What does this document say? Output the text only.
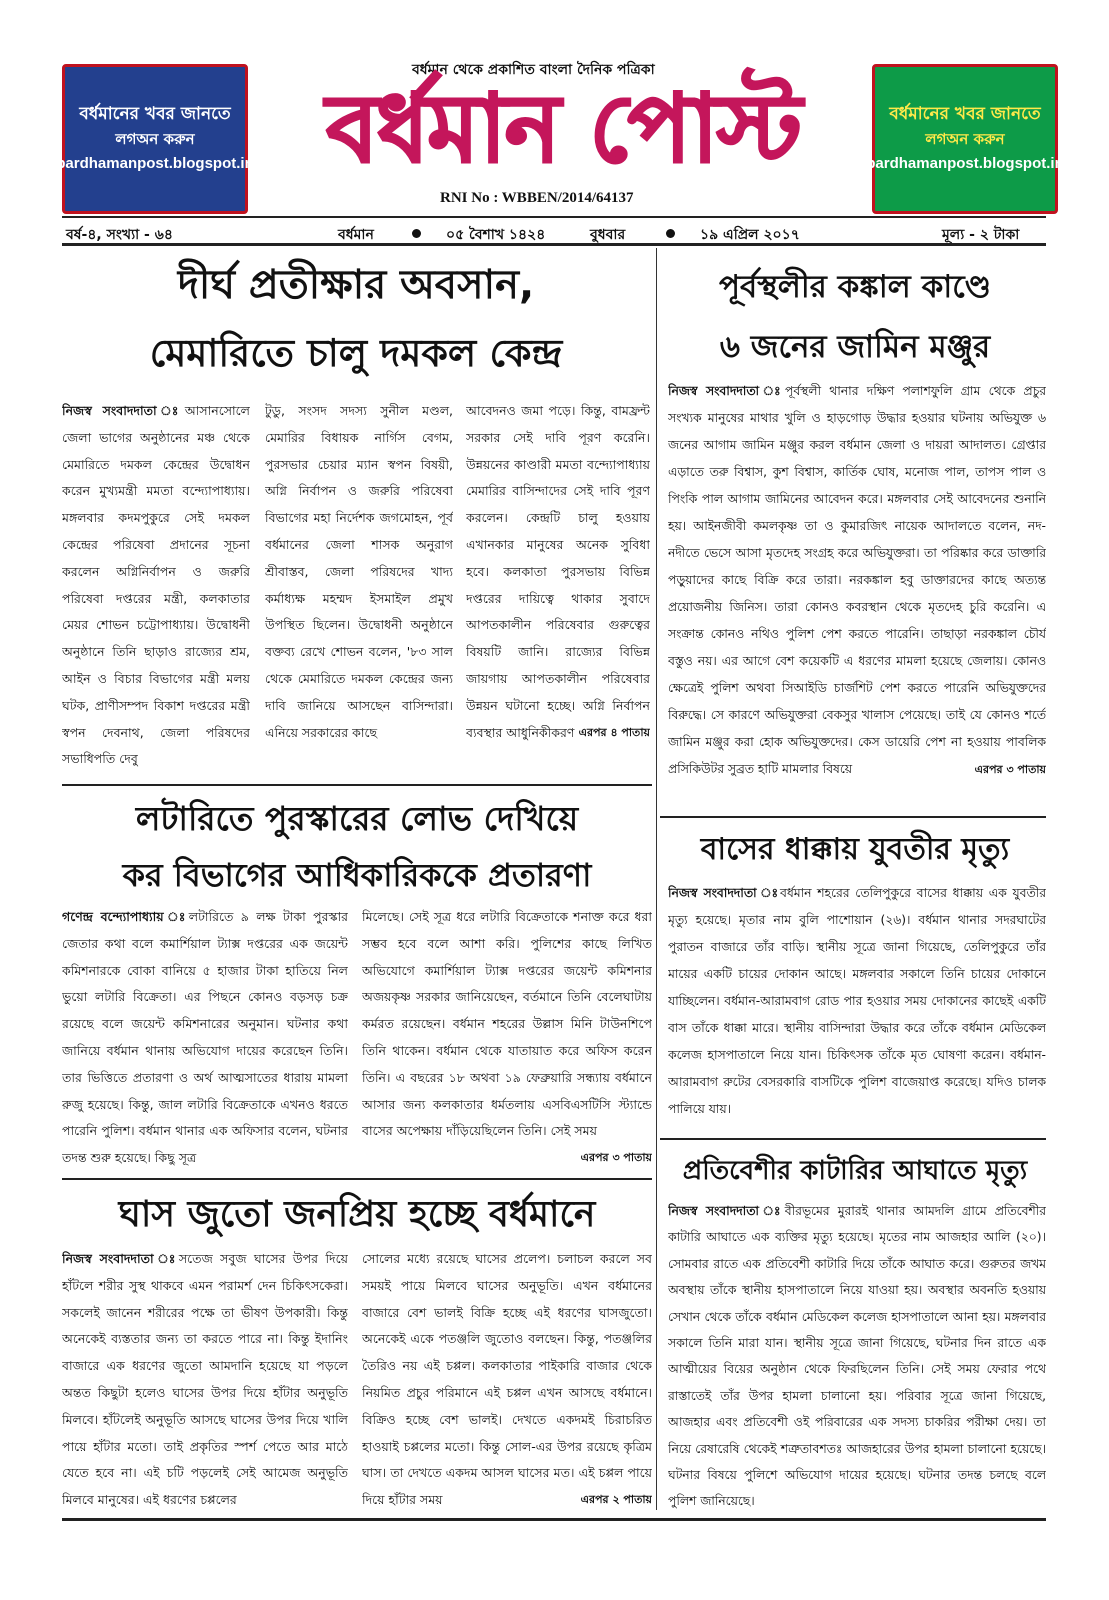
বর্ধমানের খবর জানতে
লগঅন করুন
bardhamanpost.blogspot.in
বর্ধমান থেকে প্রকাশিত বাংলা দৈনিক পত্রিকা
বর্ধমান পোস্ট
RNI No : WBBEN/2014/64137
বর্ধমানের খবর জানতে
লগঅন করুন
bardhamanpost.blogspot.in
বর্ষ-৪, সংখ্যা - ৬৪	বর্ধমান	০৫ বৈশাখ ১৪২৪	বুধবার	১৯ এপ্রিল ২০১৭	মূল্য - ২ টাকা
দীর্ঘ প্রতীক্ষার অবসান,
মেমারিতে চালু দমকল কেন্দ্র
নিজস্ব সংবাদদাতা ঃআসানসোলে জেলা ভাগের অনুষ্ঠানের মঞ্চ থেকে মেমারিতে দমকল কেন্দ্রের উদ্বোধন করেন মুখ্যমন্ত্রী মমতা বন্দ্যোপাধ্যায়। মঙ্গলবার কদমপুকুরে সেই দমকল কেন্দ্রের পরিষেবা প্রদানের সূচনা করলেন অগ্নিনির্বাপন ও জরুরি পরিষেবা দপ্তরের মন্ত্রী, কলকাতার মেয়র শোভন চট্টোপাধ্যায়। উদ্বোধনী অনুষ্ঠানে তিনি ছাড়াও রাজ্যের শ্রম, আইন ও বিচার বিভাগের মন্ত্রী মলয় ঘটক, প্রাণীসম্পদ বিকাশ দপ্তরের মন্ত্রী স্বপন দেবনাথ, জেলা পরিষদের সভাধিপতি দেবু
টুডু, সংসদ সদস্য সুনীল মণ্ডল, মেমারির বিধায়ক নার্গিস বেগম, পুরসভার চেয়ার ম্যান স্বপন বিষয়ী, অগ্নি নির্বাপন ও জরুরি পরিষেবা বিভাগের মহা নির্দেশক জগমোহন, পূর্ব বর্ধমানের জেলা শাসক অনুরাগ শ্রীবাস্তব, জেলা পরিষদের খাদ্য কর্মাধ্যক্ষ মহম্মদ ইসমাইল প্রমুখ উপস্থিত ছিলেন। উদ্বোধনী অনুষ্ঠানে বক্তব্য রেখে শোভন বলেন, '৮৩ সাল থেকে মেমারিতে দমকল কেন্দ্রের জন্য দাবি জানিয়ে আসছেন বাসিন্দারা। এনিয়ে সরকারের কাছে
আবেদনও জমা পড়ে। কিন্তু, বামফ্রন্ট সরকার সেই দাবি পূরণ করেনি। উন্নয়নের কাণ্ডারী মমতা বন্দ্যোপাধ্যায় মেমারির বাসিন্দাদের সেই দাবি পূরণ করলেন। কেন্দ্রটি চালু হওয়ায় এখানকার মানুষের অনেক সুবিধা হবে। কলকাতা পুরসভায় বিভিন্ন দপ্তরের দায়িত্বে থাকার সুবাদে আপতকালীন পরিষেবার গুরুত্বের বিষয়টি জানি। রাজ্যের বিভিন্ন জায়গায় আপতকালীন পরিষেবার উন্নয়ন ঘটানো হচ্ছে। অগ্নি নির্বাপন ব্যবস্থার আধুনিকীকরণ এরপর ৪ পাতায়
পূর্বস্থলীর কঙ্কাল কাণ্ডে
৬ জনের জামিন মঞ্জুর
নিজস্ব সংবাদদাতা ঃপূর্বস্থলী থানার দক্ষিণ পলাশফুলি গ্রাম থেকে প্রচুর সংখ্যক মানুষের মাথার খুলি ও হাড়গোড় উদ্ধার হওয়ার ঘটনায় অভিযুক্ত ৬ জনের আগাম জামিন মঞ্জুর করল বর্ধমান জেলা ও দায়রা আদালত। গ্রেপ্তার এড়াতে তরু বিশ্বাস, কুশ বিশ্বাস, কার্তিক ঘোষ, মনোজ পাল, তাপস পাল ও পিংকি পাল আগাম জামিনের আবেদন করে। মঙ্গলবার সেই আবেদনের শুনানি হয়। আইনজীবী কমলকৃষ্ণ তা ও কুমারজিৎ নায়েক আদালতে বলেন, নদ-নদীতে ভেসে আসা মৃতদেহ সংগ্রহ করে অভিযুক্তরা। তা পরিষ্কার করে ডাক্তারি পড়ুয়াদের কাছে বিক্রি করে তারা। নরকঙ্কাল হবু ডাক্তারদের কাছে অত্যন্ত প্রয়োজনীয় জিনিস। তারা কোনও কবরস্থান থেকে মৃতদেহ চুরি করেনি। এ সংক্রান্ত কোনও নথিও পুলিশ পেশ করতে পারেনি। তাছাড়া নরকঙ্কাল চৌর্য বস্তুও নয়। এর আগে বেশ কয়েকটি এ ধরণের মামলা হয়েছে জেলায়। কোনও ক্ষেত্রেই পুলিশ অথবা সিআইডি চার্জশিট পেশ করতে পারেনি অভিযুক্তদের বিরুদ্ধে। সে কারণে অভিযুক্তরা বেকসুর খালাস পেয়েছে। তাই যে কোনও শর্তে জামিন মঞ্জুর করা হোক অভিযুক্তদের। কেস ডায়েরি পেশ না হওয়ায় পাবলিক প্রসিকিউটর সুব্রত হাটি মামলার বিষয়ে	এরপর ৩ পাতায়
লটারিতে পুরস্কারের লোভ দেখিয়ে
কর বিভাগের আধিকারিককে প্রতারণা
গণেন্দ্র বন্দ্যোপাধ্যায় ঃলটারিতে ৯ লক্ষ টাকা পুরস্কার জেতার কথা বলে কমার্শিয়াল ট্যাক্স দপ্তরের এক জয়েন্ট কমিশনারকে বোকা বানিয়ে ৫ হাজার টাকা হাতিয়ে নিল ভুয়ো লটারি বিক্রেতা। এর পিছনে কোনও বড়সড় চক্র রয়েছে বলে জয়েন্ট কমিশনারের অনুমান। ঘটনার কথা জানিয়ে বর্ধমান থানায় অভিযোগ দায়ের করেছেন তিনি। তার ভিত্তিতে প্রতারণা ও অর্থ আত্মসাতের ধারায় মামলা রুজু হয়েছে। কিন্তু, জাল লটারি বিক্রেতাকে এখনও ধরতে পারেনি পুলিশ। বর্ধমান থানার এক অফিসার বলেন, ঘটনার তদন্ত শুরু হয়েছে। কিছু সূত্র
মিলেছে। সেই সূত্র ধরে লটারি বিক্রেতাকে শনাক্ত করে ধরা সম্ভব হবে বলে আশা করি। পুলিশের কাছে লিখিত অভিযোগে কমার্শিয়াল ট্যাক্স দপ্তরের জয়েন্ট কমিশনার অজয়কৃষ্ণ সরকার জানিয়েছেন, বর্তমানে তিনি বেলেঘাটায় কর্মরত রয়েছেন। বর্ধমান শহরের উল্লাস মিনি টাউনশিপে তিনি থাকেন। বর্ধমান থেকে যাতায়াত করে অফিস করেন তিনি। এ বছরের ১৮ অথবা ১৯ ফেব্রুয়ারি সন্ধ্যায় বর্ধমানে আসার জন্য কলকাতার ধর্মতলায় এসবিএসটিসি স্ট্যান্ডে বাসের অপেক্ষায় দাঁড়িয়েছিলেন তিনি। সেই সময়
এরপর ৩ পাতায়
বাসের ধাক্কায় যুবতীর মৃত্যু
নিজস্ব সংবাদদাতা ঃবর্ধমান শহরের তেলিপুকুরে বাসের ধাক্কায় এক যুবতীর মৃত্যু হয়েছে। মৃতার নাম বুলি পাশোয়ান (২৬)। বর্ধমান থানার সদরঘাটের পুরাতন বাজারে তাঁর বাড়ি। স্থানীয় সূত্রে জানা গিয়েছে, তেলিপুকুরে তাঁর মায়ের একটি চায়ের দোকান আছে। মঙ্গলবার সকালে তিনি চায়ের দোকানে যাচ্ছিলেন। বর্ধমান-আরামবাগ রোড পার হওয়ার সময় দোকানের কাছেই একটি বাস তাঁকে ধাক্কা মারে। স্থানীয় বাসিন্দারা উদ্ধার করে তাঁকে বর্ধমান মেডিকেল কলেজ হাসপাতালে নিয়ে যান। চিকিৎসক তাঁকে মৃত ঘোষণা করেন। বর্ধমান-আরামবাগ রুটের বেসরকারি বাসটিকে পুলিশ বাজেয়াপ্ত করেছে। যদিও চালক পালিয়ে যায়।
ঘাস জুতো জনপ্রিয় হচ্ছে বর্ধমানে
নিজস্ব সংবাদদাতা ঃসতেজ সবুজ ঘাসের উপর দিয়ে হাঁটলে শরীর সুস্থ থাকবে এমন পরামর্শ দেন চিকিৎসকেরা। সকলেই জানেন শরীরের পক্ষে তা ভীষণ উপকারী। কিন্তু অনেকেই ব্যস্ততার জন্য তা করতে পারে না। কিন্তু ইদানিং বাজারে এক ধরণের জুতো আমদানি হয়েছে যা পড়লে অন্তত কিছুটা হলেও ঘাসের উপর দিয়ে হাঁটার অনুভূতি মিলবে। হাঁটলেই অনুভূতি আসছে ঘাসের উপর দিয়ে খালি পায়ে হাঁটার মতো। তাই প্রকৃতির স্পর্শ পেতে আর মাঠে যেতে হবে না। এই চটি পড়লেই সেই আমেজ অনুভূতি মিলবে মানুষের। এই ধরণের চপ্পলের
সোলের মধ্যে রয়েছে ঘাসের প্রলেপ। চলাচল করলে সব সময়ই পায়ে মিলবে ঘাসের অনুভূতি। এখন বর্ধমানের বাজারে বেশ ভালই বিক্রি হচ্ছে এই ধরণের ঘাসজুতো। অনেকেই একে পতঞ্জলি জুতোও বলছেন। কিন্তু, পতঞ্জলির তৈরিও নয় এই চপ্পল। কলকাতার পাইকারি বাজার থেকে নিয়মিত প্রচুর পরিমানে এই চপ্পল এখন আসছে বর্ধমানে। বিক্রিও হচ্ছে বেশ ভালই। দেখতে একদমই চিরাচরিত হাওয়াই চপ্পলের মতো। কিন্তু সোল-এর উপর রয়েছে কৃত্রিম ঘাস। তা দেখতে একদম আসল ঘাসের মত। এই চপ্পল পায়ে দিয়ে হাঁটার সময়	এরপর ২ পাতায়
প্রতিবেশীর কাটারির আঘাতে মৃত্যু
নিজস্ব সংবাদদাতা ঃবীরভূমের মুরারই থানার আমদলি গ্রামে প্রতিবেশীর কাটারি আঘাতে এক ব্যক্তির মৃত্যু হয়েছে। মৃতের নাম আজহার আলি (২০)। সোমবার রাতে এক প্রতিবেশী কাটারি দিয়ে তাঁকে আঘাত করে। গুরুতর জখম অবস্থায় তাঁকে স্থানীয় হাসপাতালে নিয়ে যাওয়া হয়। অবস্থার অবনতি হওয়ায় সেখান থেকে তাঁকে বর্ধমান মেডিকেল কলেজ হাসপাতালে আনা হয়। মঙ্গলবার সকালে তিনি মারা যান। স্থানীয় সূত্রে জানা গিয়েছে, ঘটনার দিন রাতে এক আত্মীয়ের বিয়ের অনুষ্ঠান থেকে ফিরছিলেন তিনি। সেই সময় ফেরার পথে রাস্তাতেই তাঁর উপর হামলা চালানো হয়। পরিবার সূত্রে জানা গিয়েছে, আজহার এবং প্রতিবেশী ওই পরিবারের এক সদস্য চাকরির পরীক্ষা দেয়। তা নিয়ে রেষারেষি থেকেই শত্রুতাবশতঃ আজহারের উপর হামলা চালানো হয়েছে। ঘটনার বিষয়ে পুলিশে অভিযোগ দায়ের হয়েছে। ঘটনার তদন্ত চলছে বলে পুলিশ জানিয়েছে।
